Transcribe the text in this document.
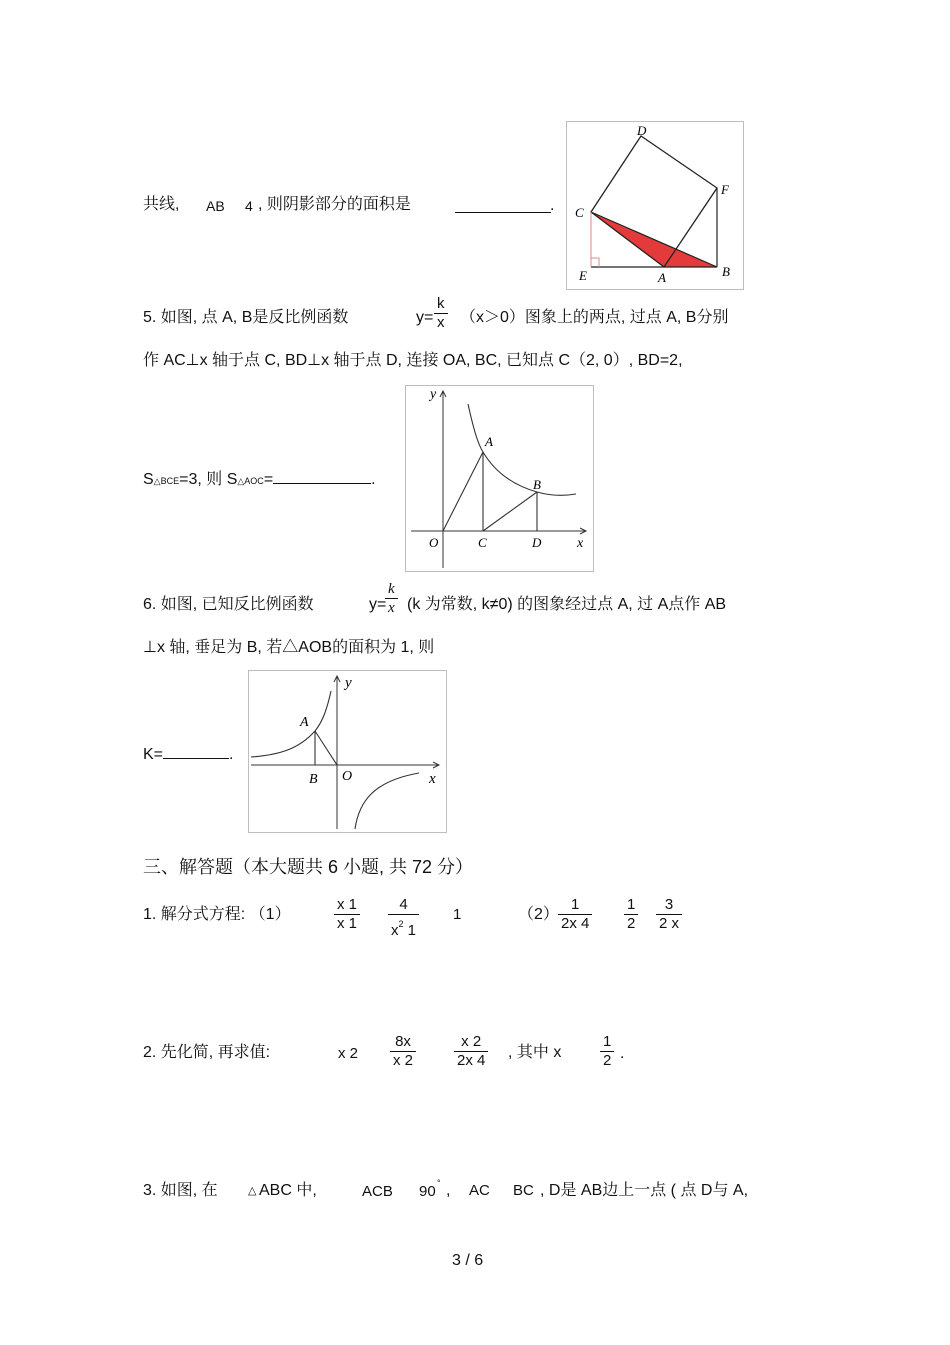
共线, AB 4 , 则阴影部分的面积是	.
D
F
C
E	A	B
5. 如图, 点 A, B是反比例函数	$y= \frac{k}{x} (x>0)$图象上的两点, 过点 A, B分别
作 AC⊥x 轴于点 C, BD⊥x 轴于点 D, 连接 OA, BC, 已知点 C（2, 0）, BD=2,
S△BCE=3, 则 S△AOC=	.
y
A
B
O	C	D	x
6. 如图, 已知反比例函数	y=
$\frac{k}{x} (k$ 为常数, k≠0) 的图象经过点 A, 过 A点作 AB
⊥x 轴, 垂足为 B, 若△AOB的面积为 1, 则
K=	.
y
A
B O	x
三、解答题（本大题共 6 小题, 共 72 分）
1. 解分式方程: （1）	$\frac{x 1}{x 1} \frac{4}{x^2 1} 1$	$(2) \frac{1}{2x 4} \frac{1}{2} \frac{3}{2 x}$
2. 先化简, 再求值:	x $2 \frac{8x}{x 2}$	$\frac{x 2}{2x 4}$ , 其中 x	$\frac{1}{2}$ .
3. 如图, 在	△ ABC 中,	ACB 90 ° , AC BC , D是 AB边上一点 ( 点 D与 A,
3 / 6
